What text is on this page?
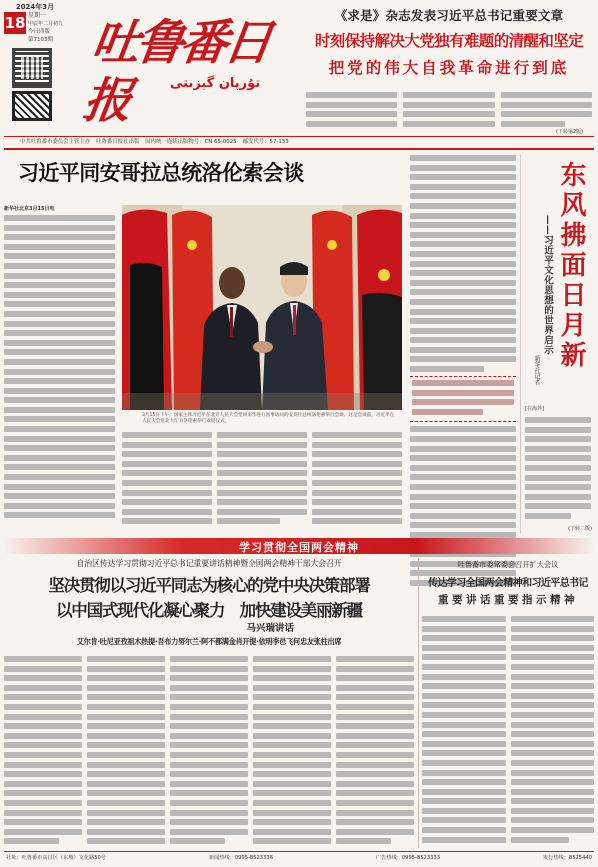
2024年3月
18 星期一
甲辰年二月初九
今日四版
第7103期 吐鲁番日报	تۇرپان گېزىتى
《求是》杂志发表习近平总书记重要文章
时刻保持解决大党独有难题的清醒和坚定
把党的伟大自我革命进行到底
(下转第2版)
中共吐鲁番市委员会主管主办 吐鲁番日报社出版 国内统一连续出版物号：CN 65-0025 邮发代号：57-133
习近平同安哥拉总统洛伦索会谈
新华社北京3月15日电
3月15日下午，国家主席习近平在北京人民大会堂同来华进行国事访问的安哥拉总统洛伦索举行会谈。这是会谈前，习近平在人民大会堂北大厅为洛伦索举行欢迎仪式。
东风拂面日月新
——习近平文化思想的世界启示
新华社记者
[在海外]
(下转二版)
学习贯彻全国两会精神
自治区传达学习贯彻习近平总书记重要讲话精神暨全国两会精神干部大会召开
坚决贯彻以习近平同志为核心的党中央决策部署
以中国式现代化凝心聚力　加快建设美丽新疆
马兴瑞讲话
艾尔肯·吐尼亚孜祖木热提·吾布力努尔兰·阿不都满金肖开提·依明李邑飞何忠友张柱出席
吐鲁番市委常委会召开扩大会议
传达学习全国两会精神和习近平总书记
重要讲话重要指示精神
社址：吐鲁番市高昌区（东城）文化路50号	新闻热线：0995-8523336	广告热线：0995-8523333	发行热线：8525440
